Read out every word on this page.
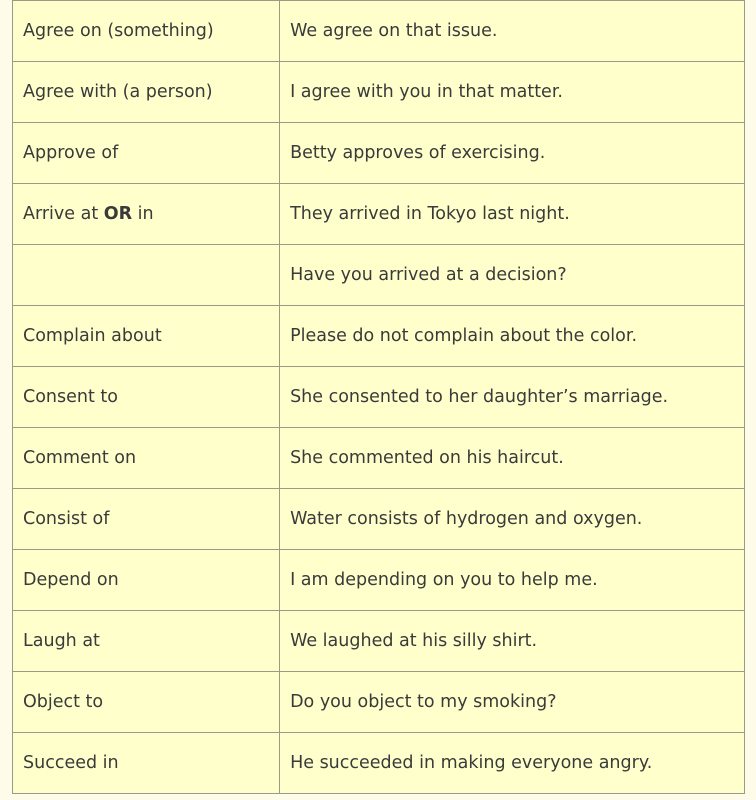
Agree on (something)	We agree on that issue.
Agree with (a person)	I agree with you in that matter.
Approve of	Betty approves of exercising.
Arrive at OR in	They arrived in Tokyo last night.
	Have you arrived at a decision?
Complain about	Please do not complain about the color.
Consent to	She consented to her daughter’s marriage.
Comment on	She commented on his haircut.
Consist of	Water consists of hydrogen and oxygen.
Depend on	I am depending on you to help me.
Laugh at	We laughed at his silly shirt.
Object to	Do you object to my smoking?
Succeed in	He succeeded in making everyone angry.
